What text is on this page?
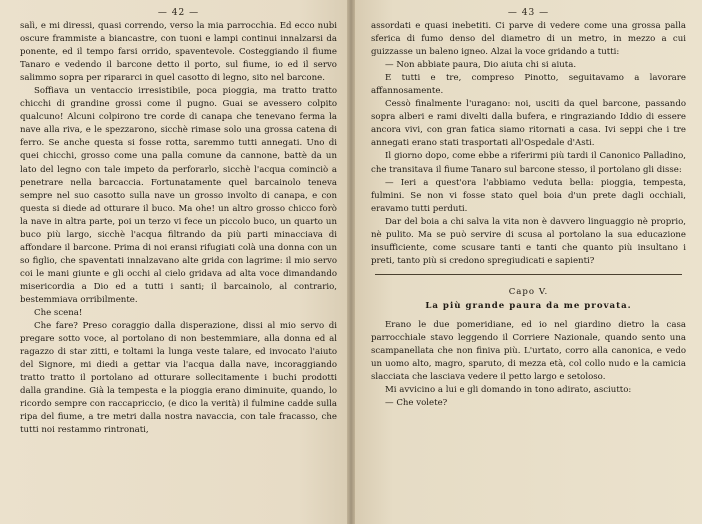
— 42 —

salì, e mi diressi, quasi correndo, verso la mia parrocchia. Ed ecco nubi oscure frammiste a biancastre, con tuoni e lampi continui innalzarsi da ponente, ed il tempo farsi orrido, spaventevole. Costeggiando il fiume Tanaro e vedendo il barcone detto il porto, sul fiume, io ed il servo salimmo sopra per ripararci in quel casotto di legno, sito nel barcone.

Soffiava un ventaccio irresistibile, poca pioggia, ma tratto tratto chicchi di grandine grossi come il pugno. Guai se avessero colpito qualcuno! Alcuni colpirono tre corde di canapa che tenevano ferma la nave alla riva, e le spezzarono, sicchè rimase solo una grossa catena di ferro. Se anche questa si fosse rotta, saremmo tutti annegati. Uno di quei chicchi, grosso come una palla comune da cannone, battè da un lato del legno con tale impeto da perforarlo, sicchè l'acqua cominciò a penetrare nella barcaccia. Fortunatamente quel barcainolo teneva sempre nel suo casotto sulla nave un grosso involto di canapa, e con questa si diede ad otturare il buco. Ma ohe! un altro grosso chicco forò la nave in altra parte, poi un terzo vi fece un piccolo buco, un quarto un buco più largo, sicchè l'acqua filtrando da più parti minacciava di affondare il barcone. Prima di noi eransi rifugiati colà una donna con un so figlio, che spaventati innalzavano alte grida con lagrime: il mio servo coi le mani giunte e gli occhi al cielo gridava ad alta voce dimandando misericordia a Dio ed a tutti i santi; il barcainolo, al contrario, bestemmiava orribilmente.

Che scena!

Che fare? Preso coraggio dalla disperazione, dissi al mio servo di pregare sotto voce, al portolano di non bestemmiare, alla donna ed al ragazzo di star zitti, e toltami la lunga veste talare, ed invocato l'aiuto del Signore, mi diedi a gettar via l'acqua dalla nave, incoraggiando tratto tratto il portolano ad otturare sollecitamente i buchi prodotti dalla grandine. Già la tempesta e la pioggia erano diminuite, quando, lo ricordo sempre con raccapriccio, (e dico la verità) il fulmine cadde sulla ripa del fiume, a tre metri dalla nostra navaccia, con tale fracasso, che tutti noi restammo rintronati,

— 43 —

assordati e quasi inebetiti. Ci parve di vedere come una grossa palla sferica di fumo denso del diametro di un metro, in mezzo a cui guizzasse un baleno igneo. Alzai la voce gridando a tutti:

— Non abbiate paura, Dio aiuta chi si aiuta.

E tutti e tre, compreso Pinotto, seguitavamo a lavorare affannosamente.

Cessò finalmente l'uragano: noi, usciti da quel barcone, passando sopra alberi e rami divelti dalla bufera, e ringraziando Iddio di essere ancora vivi, con gran fatica siamo ritornati a casa. Ivi seppi che i tre annegati erano stati trasportati all'Ospedale d'Asti.

Il giorno dopo, come ebbe a riferirmi più tardi il Canonico Palladino, che transitava il fiume Tanaro sul barcone stesso, il portolano gli disse:

— Ieri a quest'ora l'abbiamo veduta bella: pioggia, tempesta, fulmini. Se non vi fosse stato quel boia d'un prete dagli occhiali, eravamo tutti perduti.

Dar del boia a chi salva la vita non è davvero linguaggio nè proprio, nè pulito. Ma se può servire di scusa al portolano la sua educazione insufficiente, come scusare tanti e tanti che quanto più insultano i preti, tanto più si credono spregiudicati e sapienti?

Capo V.
La più grande paura da me provata.

Erano le due pomeridiane, ed io nel giardino dietro la casa parrocchiale stavo leggendo il Corriere Nazionale, quando sento una scampanellata che non finiva più. L'urtato, corro alla canonica, e vedo un uomo alto, magro, sparuto, di mezza età, col collo nudo e la camicia slacciata che lasciava vedere il petto largo e setoloso.

Mi avvicino a lui e gli domando in tono adirato, asciutto:

— Che volete?
